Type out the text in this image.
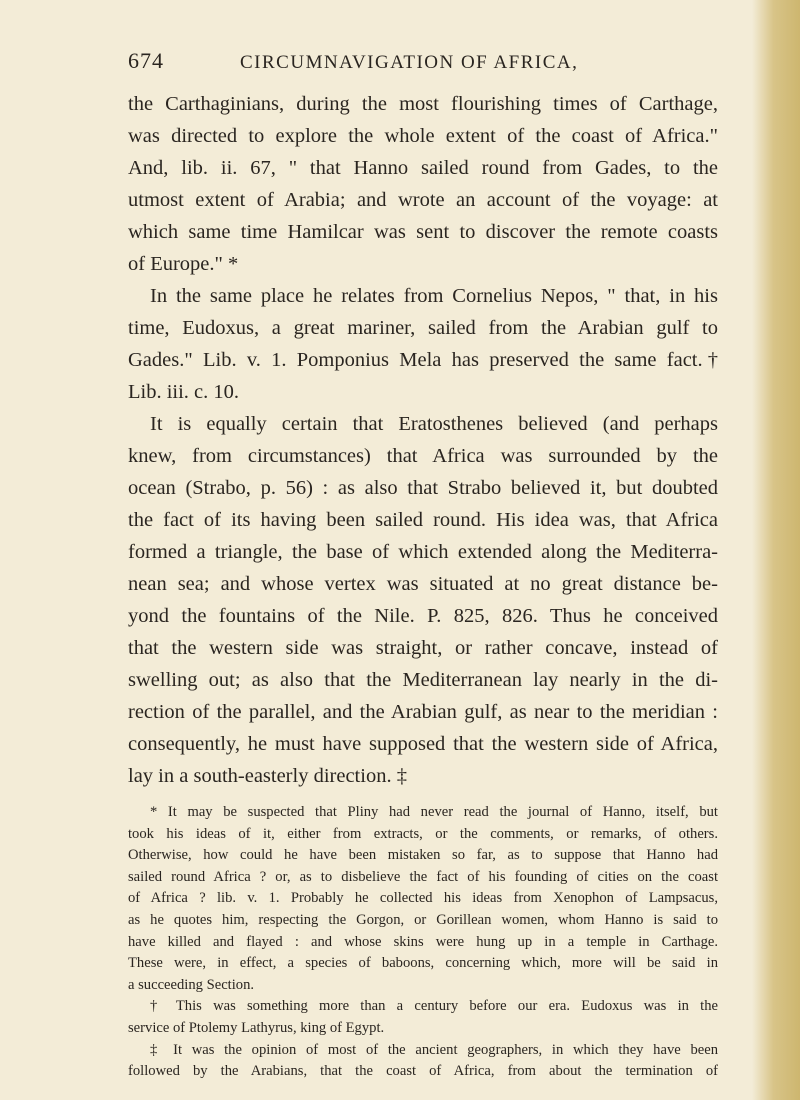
674	CIRCUMNAVIGATION OF AFRICA,
the Carthaginians, during the most flourishing times of Carthage,
was directed to explore the whole extent of the coast of Africa."
And, lib. ii. 67, " that Hanno sailed round from Gades, to the
utmost extent of Arabia; and wrote an account of the voyage: at
which same time Hamilcar was sent to discover the remote coasts
of Europe." *
In the same place he relates from Cornelius Nepos, " that, in his
time, Eudoxus, a great mariner, sailed from the Arabian gulf to
Gades." Lib. v. 1. Pomponius Mela has preserved the same fact.†
Lib. iii. c. 10.
It is equally certain that Eratosthenes believed (and perhaps
knew, from circumstances) that Africa was surrounded by the
ocean (Strabo, p. 56) : as also that Strabo believed it, but doubted
the fact of its having been sailed round. His idea was, that Africa
formed a triangle, the base of which extended along the Mediterra-
nean sea; and whose vertex was situated at no great distance be-
yond the fountains of the Nile. P. 825, 826. Thus he conceived
that the western side was straight, or rather concave, instead of
swelling out; as also that the Mediterranean lay nearly in the di-
rection of the parallel, and the Arabian gulf, as near to the meridian :
consequently, he must have supposed that the western side of Africa,
lay in a south-easterly direction. ‡
* It may be suspected that Pliny had never read the journal of Hanno, itself, but
took his ideas of it, either from extracts, or the comments, or remarks, of others.
Otherwise, how could he have been mistaken so far, as to suppose that Hanno had
sailed round Africa ? or, as to disbelieve the fact of his founding of cities on the coast
of Africa ? lib. v. 1. Probably he collected his ideas from Xenophon of Lampsacus,
as he quotes him, respecting the Gorgon, or Gorillean women, whom Hanno is said to
have killed and flayed : and whose skins were hung up in a temple in Carthage.
These were, in effect, a species of baboons, concerning which, more will be said in
a succeeding Section.
† This was something more than a century before our era. Eudoxus was in the
service of Ptolemy Lathyrus, king of Egypt.
‡ It was the opinion of most of the ancient geographers, in which they have been
followed by the Arabians, that the coast of Africa, from about the termination of
